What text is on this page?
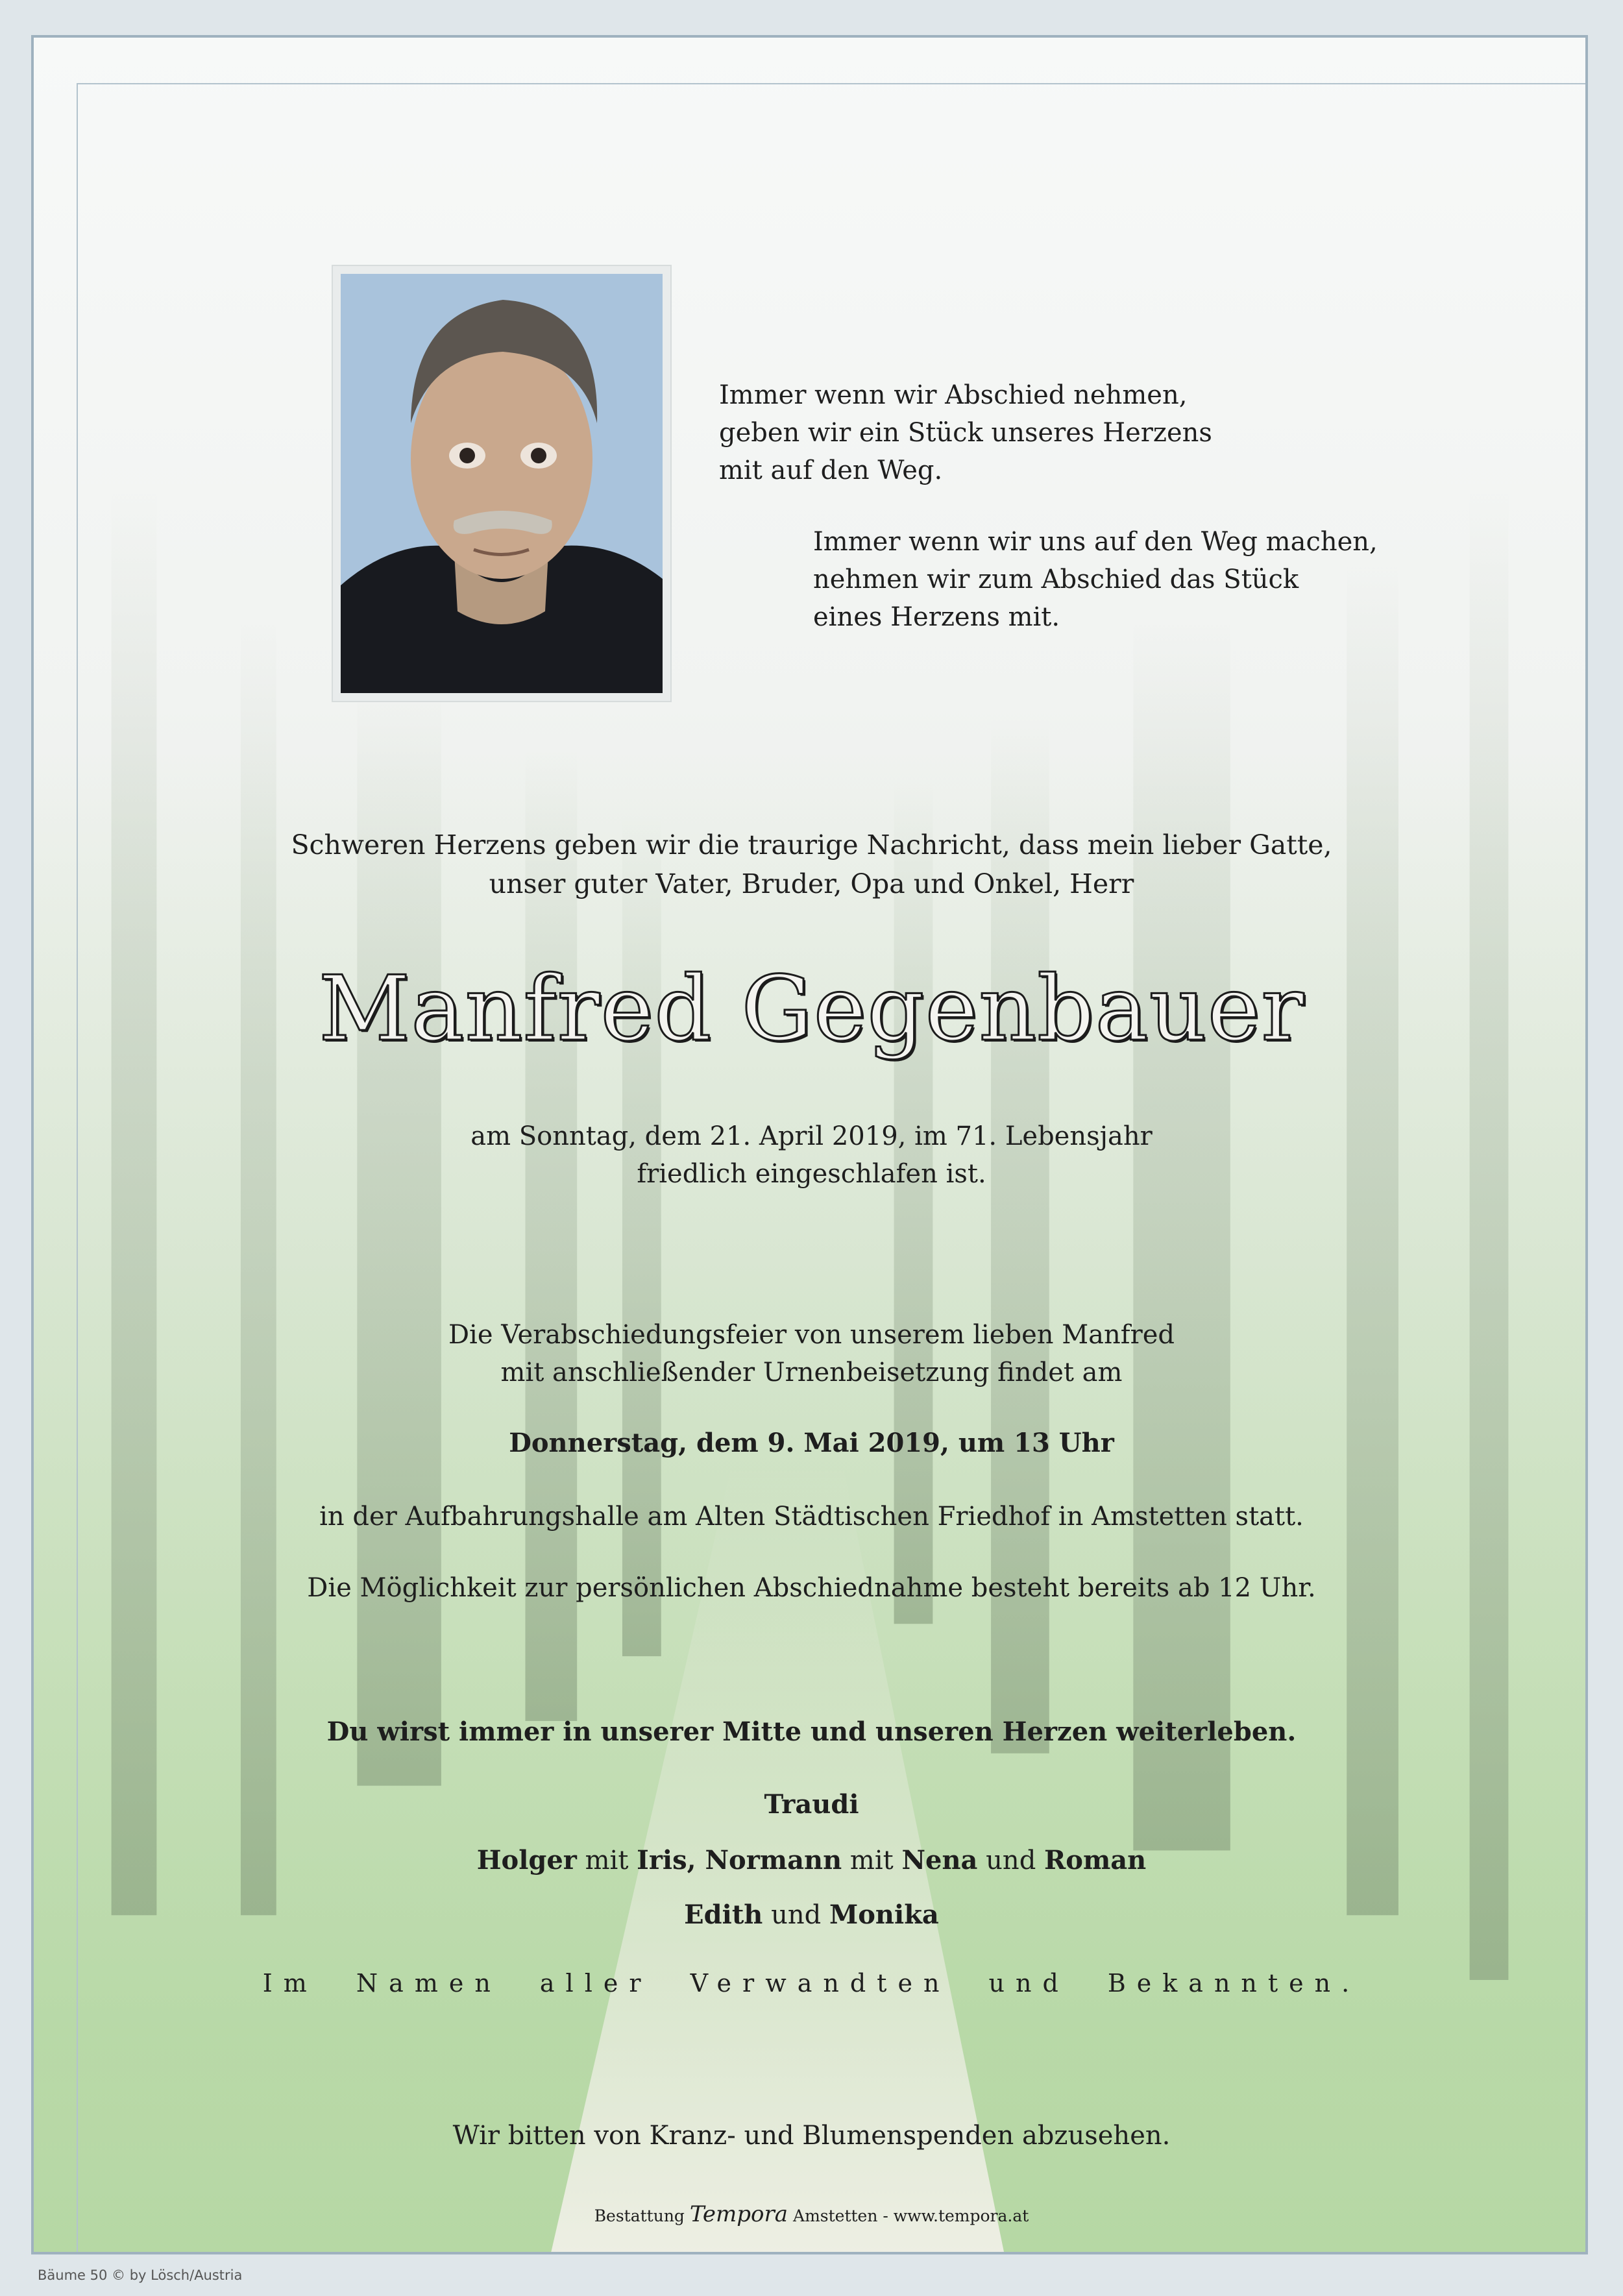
Immer wenn wir Abschied nehmen,
geben wir ein Stück unseres Herzens
mit auf den Weg.
Immer wenn wir uns auf den Weg machen,
nehmen wir zum Abschied das Stück
eines Herzens mit.
Schweren Herzens geben wir die traurige Nachricht, dass mein lieber Gatte,
unser guter Vater, Bruder, Opa und Onkel, Herr
Manfred Gegenbauer
am Sonntag, dem 21. April 2019, im 71. Lebensjahr
friedlich eingeschlafen ist.
Die Verabschiedungsfeier von unserem lieben Manfred
mit anschließender Urnenbeisetzung findet am
Donnerstag, dem 9. Mai 2019, um 13 Uhr
in der Aufbahrungshalle am Alten Städtischen Friedhof in Amstetten statt.
Die Möglichkeit zur persönlichen Abschiednahme besteht bereits ab 12 Uhr.
Du wirst immer in unserer Mitte und unseren Herzen weiterleben.
Traudi
Holger mit Iris, Normann mit Nena und Roman
Edith und Monika
Im Namen aller Verwandten und Bekannten.
Wir bitten von Kranz- und Blumenspenden abzusehen.
Bestattung Tempora Amstetten - www.tempora.at
Bäume 50 © by Lösch/Austria
